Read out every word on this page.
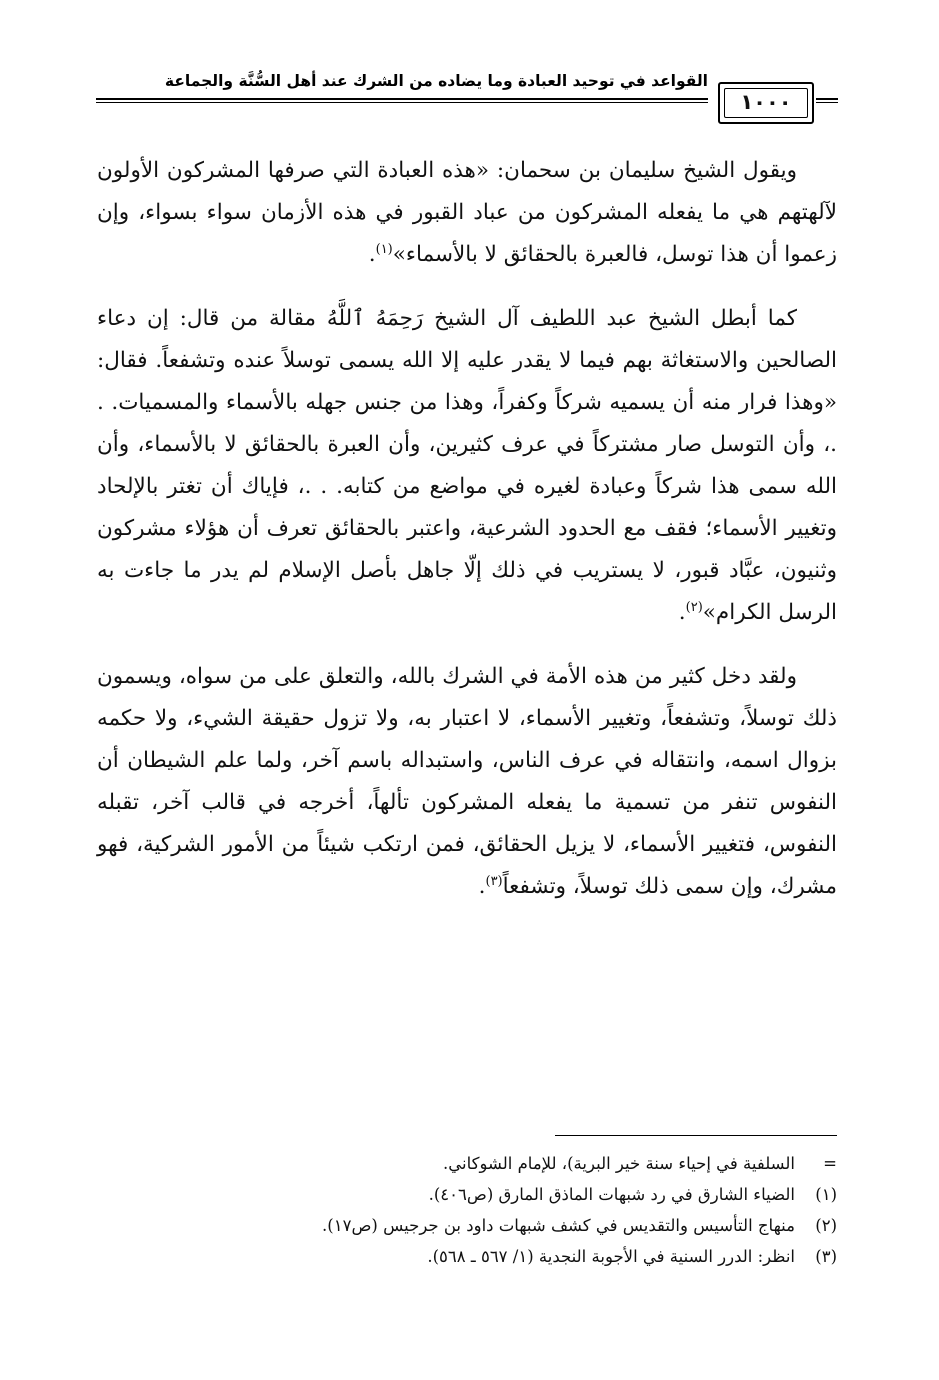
القواعد في توحيد العبادة وما يضاده من الشرك عند أهل السُّنَّة والجماعة
١٠٠٠

ويقول الشيخ سليمان بن سحمان: «هذه العبادة التي صرفها المشركون الأولون لآلهتهم هي ما يفعله المشركون من عباد القبور في هذه الأزمان سواء بسواء، وإن زعموا أن هذا توسل، فالعبرة بالحقائق لا بالأسماء»$^{(١)}$.

كما أبطل الشيخ عبد اللطيف آل الشيخ رَحِمَهُ ٱللَّهُ مقالة من قال: إن دعاء الصالحين والاستغاثة بهم فيما لا يقدر عليه إلا الله يسمى توسلاً عنده وتشفعاً. فقال: «وهذا فرار منه أن يسميه شركاً وكفراً، وهذا من جنس جهله بالأسماء والمسميات. . .، وأن التوسل صار مشتركاً في عرف كثيرين، وأن العبرة بالحقائق لا بالأسماء، وأن الله سمى هذا شركاً وعبادة لغيره في مواضع من كتابه. . .، فإياك أن تغتر بالإلحاد وتغيير الأسماء؛ فقف مع الحدود الشرعية، واعتبر بالحقائق تعرف أن هؤلاء مشركون وثنيون، عبَّاد قبور، لا يستريب في ذلك إلّا جاهل بأصل الإسلام لم يدر ما جاءت به الرسل الكرام»$^{(٢)}$.

ولقد دخل كثير من هذه الأمة في الشرك بالله، والتعلق على من سواه، ويسمون ذلك توسلاً، وتشفعاً، وتغيير الأسماء، لا اعتبار به، ولا تزول حقيقة الشيء، ولا حكمه بزوال اسمه، وانتقاله في عرف الناس، واستبداله باسم آخر، ولما علم الشيطان أن النفوس تنفر من تسمية ما يفعله المشركون تألهاً، أخرجه في قالب آخر، تقبله النفوس، فتغيير الأسماء، لا يزيل الحقائق، فمن ارتكب شيئاً من الأمور الشركية، فهو مشرك، وإن سمى ذلك توسلاً، وتشفعاً$^{(٣)}$.

=
السلفية في إحياء سنة خير البرية)، للإمام الشوكاني.
(١)
الضياء الشارق في رد شبهات الماذق المارق (ص٤٠٦).
(٢)
منهاج التأسيس والتقديس في كشف شبهات داود بن جرجيس (ص١٧).
(٣)
انظر: الدرر السنية في الأجوبة النجدية (١/ ٥٦٧ ـ ٥٦٨).
